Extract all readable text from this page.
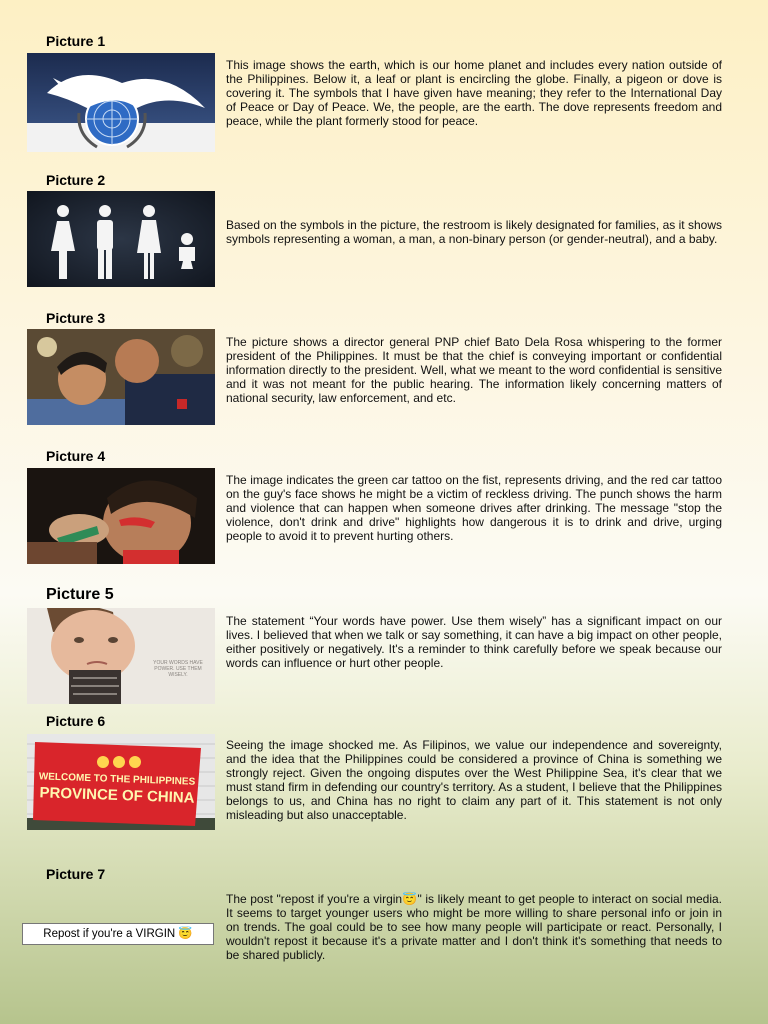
Picture 1
This image shows the earth, which is our home planet and includes every nation outside of the Philippines. Below it, a leaf or plant is encircling the globe. Finally, a pigeon or dove is covering it. The symbols that I have given have meaning; they refer to the International Day of Peace or Day of Peace. We, the people, are the earth. The dove represents freedom and peace, while the plant formerly stood for peace.
Picture 2
Based on the symbols in the picture, the restroom is likely designated for families, as it shows symbols representing a woman, a man, a non-binary person (or gender-neutral), and a baby.
Picture 3
The picture shows a director general PNP chief Bato Dela Rosa whispering to the former president of the Philippines. It must be that the chief is conveying important or confidential information directly to the president. Well, what we meant to the word confidential is sensitive and it was not meant for the public hearing. The information likely concerning matters of national security, law enforcement, and etc.
Picture 4
The image indicates the green car tattoo on the fist, represents driving, and the red car tattoo on the guy's face shows he might be a victim of reckless driving. The punch shows the harm and violence that can happen when someone drives after drinking. The message "stop the violence, don't drink and drive" highlights how dangerous it is to drink and drive, urging people to avoid it to prevent hurting others.
Picture 5
YOUR WORDS HAVE POWER. USE THEM WISELY.
The statement “Your words have power. Use them wisely” has a significant impact on our lives. I believed that when we talk or say something, it can have a big impact on other people, either positively or negatively. It's a reminder to think carefully before we speak because our words can influence or hurt other people.
Picture 6
WELCOME TO THE PHILIPPINES
PROVINCE OF CHINA
Seeing the image shocked me. As Filipinos, we value our independence and sovereignty, and the idea that the Philippines could be considered a province of China is something we strongly reject. Given the ongoing disputes over the West Philippine Sea, it's clear that we must stand firm in defending our country's territory. As a student, I believe that the Philippines belongs to us, and China has no right to claim any part of it. This statement is not only misleading but also unacceptable.
Picture 7
Repost if you're a VIRGIN 😇
The post "repost if you're a virgin😇" is likely meant to get people to interact on social media. It seems to target younger users who might be more willing to share personal info or join in on trends. The goal could be to see how many people will participate or react. Personally, I wouldn't repost it because it's a private matter and I don't think it's something that needs to be shared publicly.
